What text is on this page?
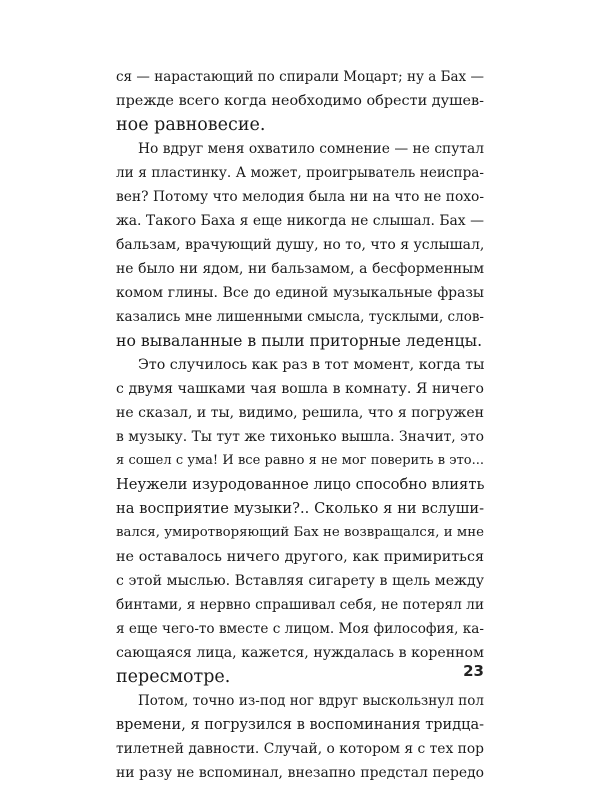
ся — нарастающий по спирали Моцарт; ну а Бах —
прежде всего когда необходимо обрести душев-
ное равновесие.
Но вдруг меня охватило сомнение — не спутал
ли я пластинку. А может, проигрыватель неиспра-
вен? Потому что мелодия была ни на что не похо-
жа. Такого Баха я еще никогда не слышал. Бах —
бальзам, врачующий душу, но то, что я услышал,
не было ни ядом, ни бальзамом, а бесформенным
комом глины. Все до единой музыкальные фразы
казались мне лишенными смысла, тусклыми, слов-
но вываланные в пыли приторные леденцы.
Это случилось как раз в тот момент, когда ты
с двумя чашками чая вошла в комнату. Я ничего
не сказал, и ты, видимо, решила, что я погружен
в музыку. Ты тут же тихонько вышла. Значит, это
я сошел с ума! И все равно я не мог поверить в это...
Неужели изуродованное лицо способно влиять
на восприятие музыки?.. Сколько я ни вслуши-
вался, умиротворяющий Бах не возвращался, и мне
не оставалось ничего другого, как примириться
с этой мыслью. Вставляя сигарету в щель между
бинтами, я нервно спрашивал себя, не потерял ли
я еще чего-то вместе с лицом. Моя философия, ка-
сающаяся лица, кажется, нуждалась в коренном
пересмотре.
Потом, точно из-под ног вдруг выскользнул пол
времени, я погрузился в воспоминания тридца-
тилетней давности. Случай, о котором я с тех пор
ни разу не вспоминал, внезапно предстал передо
23
